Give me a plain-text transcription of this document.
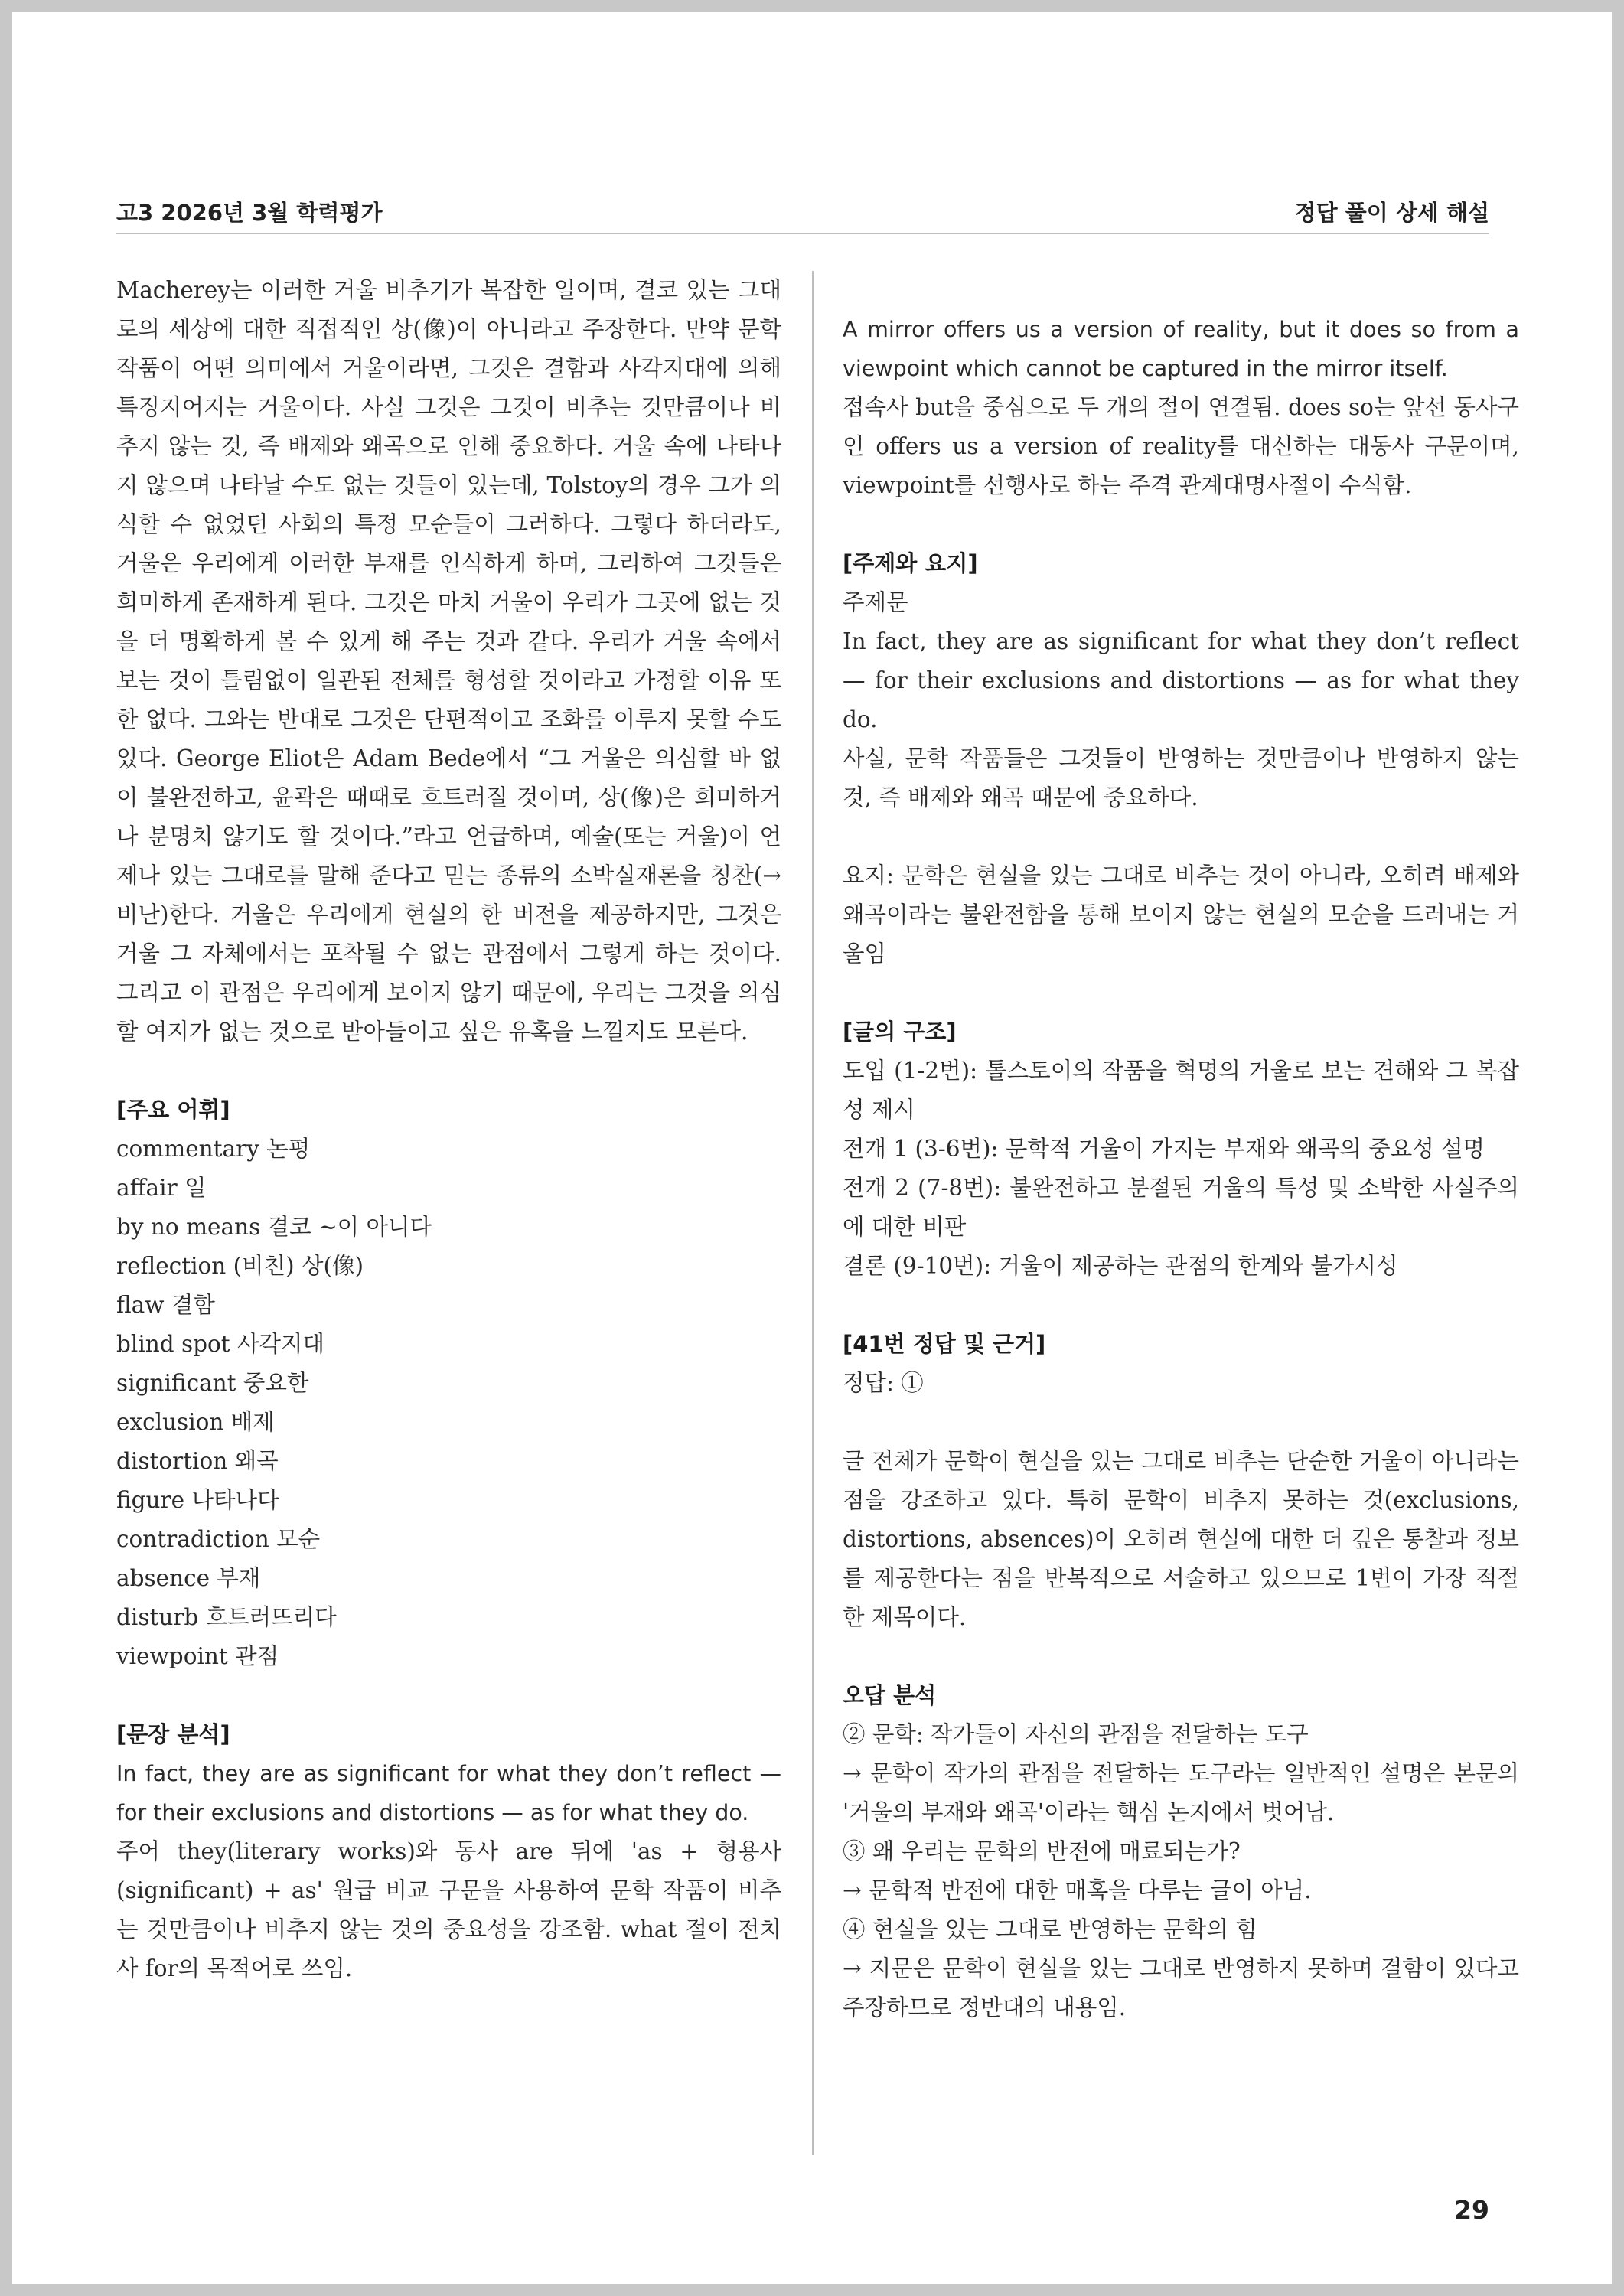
고3 2026년 3월 학력평가	정답 풀이 상세 해설

Macherey는 이러한 거울 비추기가 복잡한 일이며, 결코 있는 그대로의 세상에 대한 직접적인 상(像)이 아니라고 주장한다. 만약 문학 작품이 어떤 의미에서 거울이라면, 그것은 결함과 사각지대에 의해 특징지어지는 거울이다. 사실 그것은 그것이 비추는 것만큼이나 비추지 않는 것, 즉 배제와 왜곡으로 인해 중요하다. 거울 속에 나타나지 않으며 나타날 수도 없는 것들이 있는데, Tolstoy의 경우 그가 의식할 수 없었던 사회의 특정 모순들이 그러하다. 그렇다 하더라도, 거울은 우리에게 이러한 부재를 인식하게 하며, 그리하여 그것들은 희미하게 존재하게 된다. 그것은 마치 거울이 우리가 그곳에 없는 것을 더 명확하게 볼 수 있게 해 주는 것과 같다. 우리가 거울 속에서 보는 것이 틀림없이 일관된 전체를 형성할 것이라고 가정할 이유 또한 없다. 그와는 반대로 그것은 단편적이고 조화를 이루지 못할 수도 있다. George Eliot은 Adam Bede에서 “그 거울은 의심할 바 없이 불완전하고, 윤곽은 때때로 흐트러질 것이며, 상(像)은 희미하거나 분명치 않기도 할 것이다.”라고 언급하며, 예술(또는 거울)이 언제나 있는 그대로를 말해 준다고 믿는 종류의 소박실재론을 칭찬(→ 비난)한다. 거울은 우리에게 현실의 한 버전을 제공하지만, 그것은 거울 그 자체에서는 포착될 수 없는 관점에서 그렇게 하는 것이다. 그리고 이 관점은 우리에게 보이지 않기 때문에, 우리는 그것을 의심할 여지가 없는 것으로 받아들이고 싶은 유혹을 느낄지도 모른다.

[주요 어휘]

commentary 논평
affair 일
by no means 결코 ~이 아니다
reflection (비친) 상(像)
flaw 결함
blind spot 사각지대
significant 중요한
exclusion 배제
distortion 왜곡
figure 나타나다
contradiction 모순
absence 부재
disturb 흐트러뜨리다
viewpoint 관점

[문장 분석]

In fact, they are as significant for what they don’t reflect — for their exclusions and distortions — as for what they do.

주어 they(literary works)와 동사 are 뒤에 'as + 형용사(significant) + as' 원급 비교 구문을 사용하여 문학 작품이 비추는 것만큼이나 비추지 않는 것의 중요성을 강조함. what 절이 전치사 for의 목적어로 쓰임.

A mirror offers us a version of reality, but it does so from a viewpoint which cannot be captured in the mirror itself.

접속사 but을 중심으로 두 개의 절이 연결됨. does so는 앞선 동사구인 offers us a version of reality를 대신하는 대동사 구문이며, viewpoint를 선행사로 하는 주격 관계대명사절이 수식함.

[주제와 요지]

주제문

In fact, they are as significant for what they don’t reflect — for their exclusions and distortions — as for what they do.

사실, 문학 작품들은 그것들이 반영하는 것만큼이나 반영하지 않는 것, 즉 배제와 왜곡 때문에 중요하다.

요지: 문학은 현실을 있는 그대로 비추는 것이 아니라, 오히려 배제와 왜곡이라는 불완전함을 통해 보이지 않는 현실의 모순을 드러내는 거울임

[글의 구조]

도입 (1-2번): 톨스토이의 작품을 혁명의 거울로 보는 견해와 그 복잡성 제시

전개 1 (3-6번): 문학적 거울이 가지는 부재와 왜곡의 중요성 설명

전개 2 (7-8번): 불완전하고 분절된 거울의 특성 및 소박한 사실주의에 대한 비판

결론 (9-10번): 거울이 제공하는 관점의 한계와 불가시성

[41번 정답 및 근거]

정답: ①

글 전체가 문학이 현실을 있는 그대로 비추는 단순한 거울이 아니라는 점을 강조하고 있다. 특히 문학이 비추지 못하는 것(exclusions, distortions, absences)이 오히려 현실에 대한 더 깊은 통찰과 정보를 제공한다는 점을 반복적으로 서술하고 있으므로 1번이 가장 적절한 제목이다.

오답 분석

② 문학: 작가들이 자신의 관점을 전달하는 도구

→ 문학이 작가의 관점을 전달하는 도구라는 일반적인 설명은 본문의 '거울의 부재와 왜곡'이라는 핵심 논지에서 벗어남.

③ 왜 우리는 문학의 반전에 매료되는가?

→ 문학적 반전에 대한 매혹을 다루는 글이 아님.

④ 현실을 있는 그대로 반영하는 문학의 힘

→ 지문은 문학이 현실을 있는 그대로 반영하지 못하며 결함이 있다고 주장하므로 정반대의 내용임.

29
